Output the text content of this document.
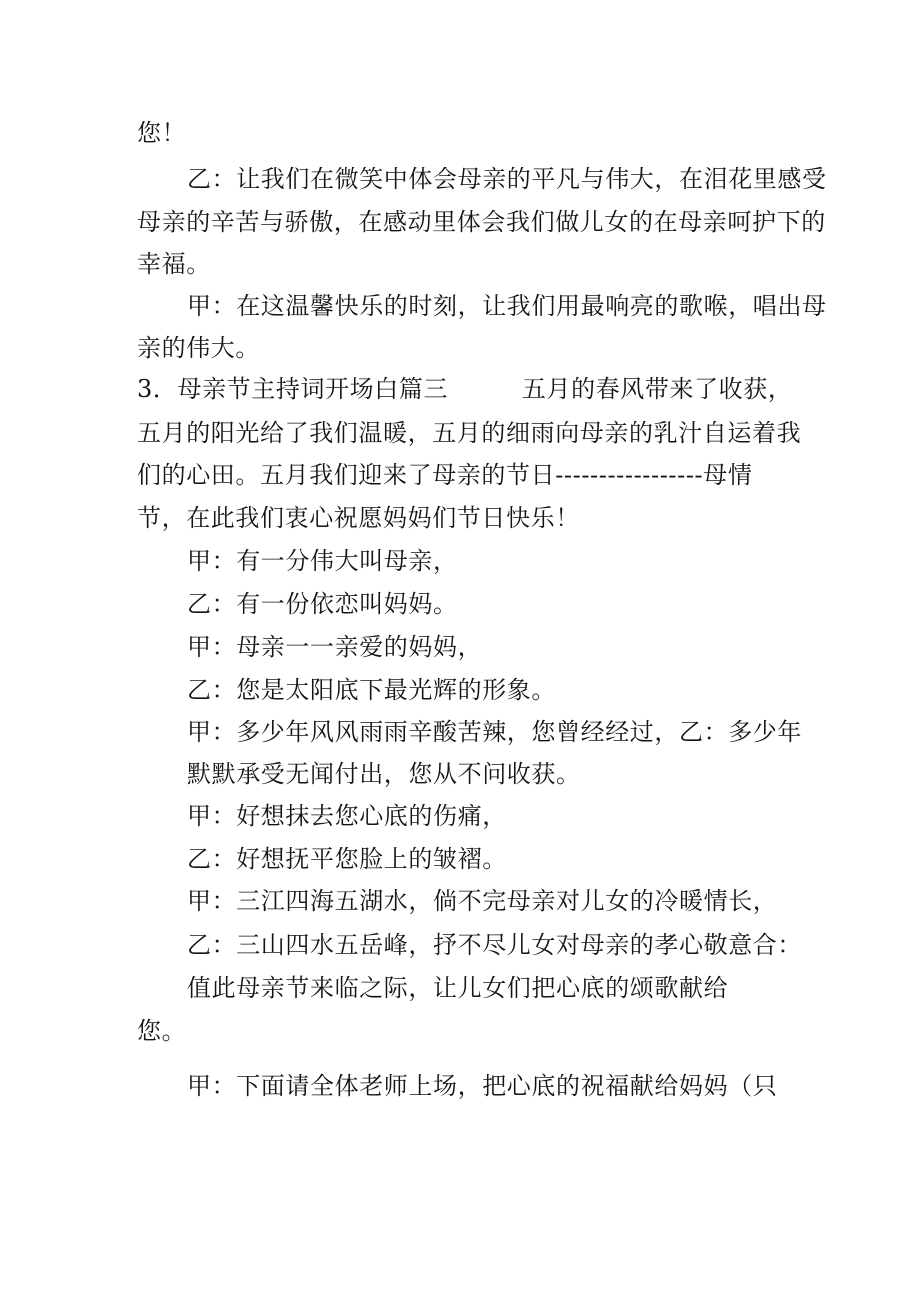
您！
乙：让我们在微笑中体会母亲的平凡与伟大，在泪花里感受
母亲的辛苦与骄傲，在感动里体会我们做儿女的在母亲呵护下的
幸福。
甲：在这温馨快乐的时刻，让我们用最响亮的歌喉，唱出母
亲的伟大。
3．母亲节主持词开场白篇三　　　五月的春风带来了收获，
五月的阳光给了我们温暖，五月的细雨向母亲的乳汁自运着我
们的心田。五月我们迎来了母亲的节日-----------------母情
节，在此我们衷心祝愿妈妈们节日快乐！
甲：有一分伟大叫母亲，
乙：有一份依恋叫妈妈。
甲：母亲一一亲爱的妈妈，
乙：您是太阳底下最光辉的形象。
甲：多少年风风雨雨辛酸苦辣，您曾经经过，乙：多少年
默默承受无闻付出，您从不问收获。
甲：好想抹去您心底的伤痛，
乙：好想抚平您脸上的皱褶。
甲：三江四海五湖水，倘不完母亲对儿女的冷暖情长，
乙：三山四水五岳峰，抒不尽儿女对母亲的孝心敬意合：
值此母亲节来临之际，让儿女们把心底的颂歌献给
您。
甲：下面请全体老师上场，把心底的祝福献给妈妈（只
